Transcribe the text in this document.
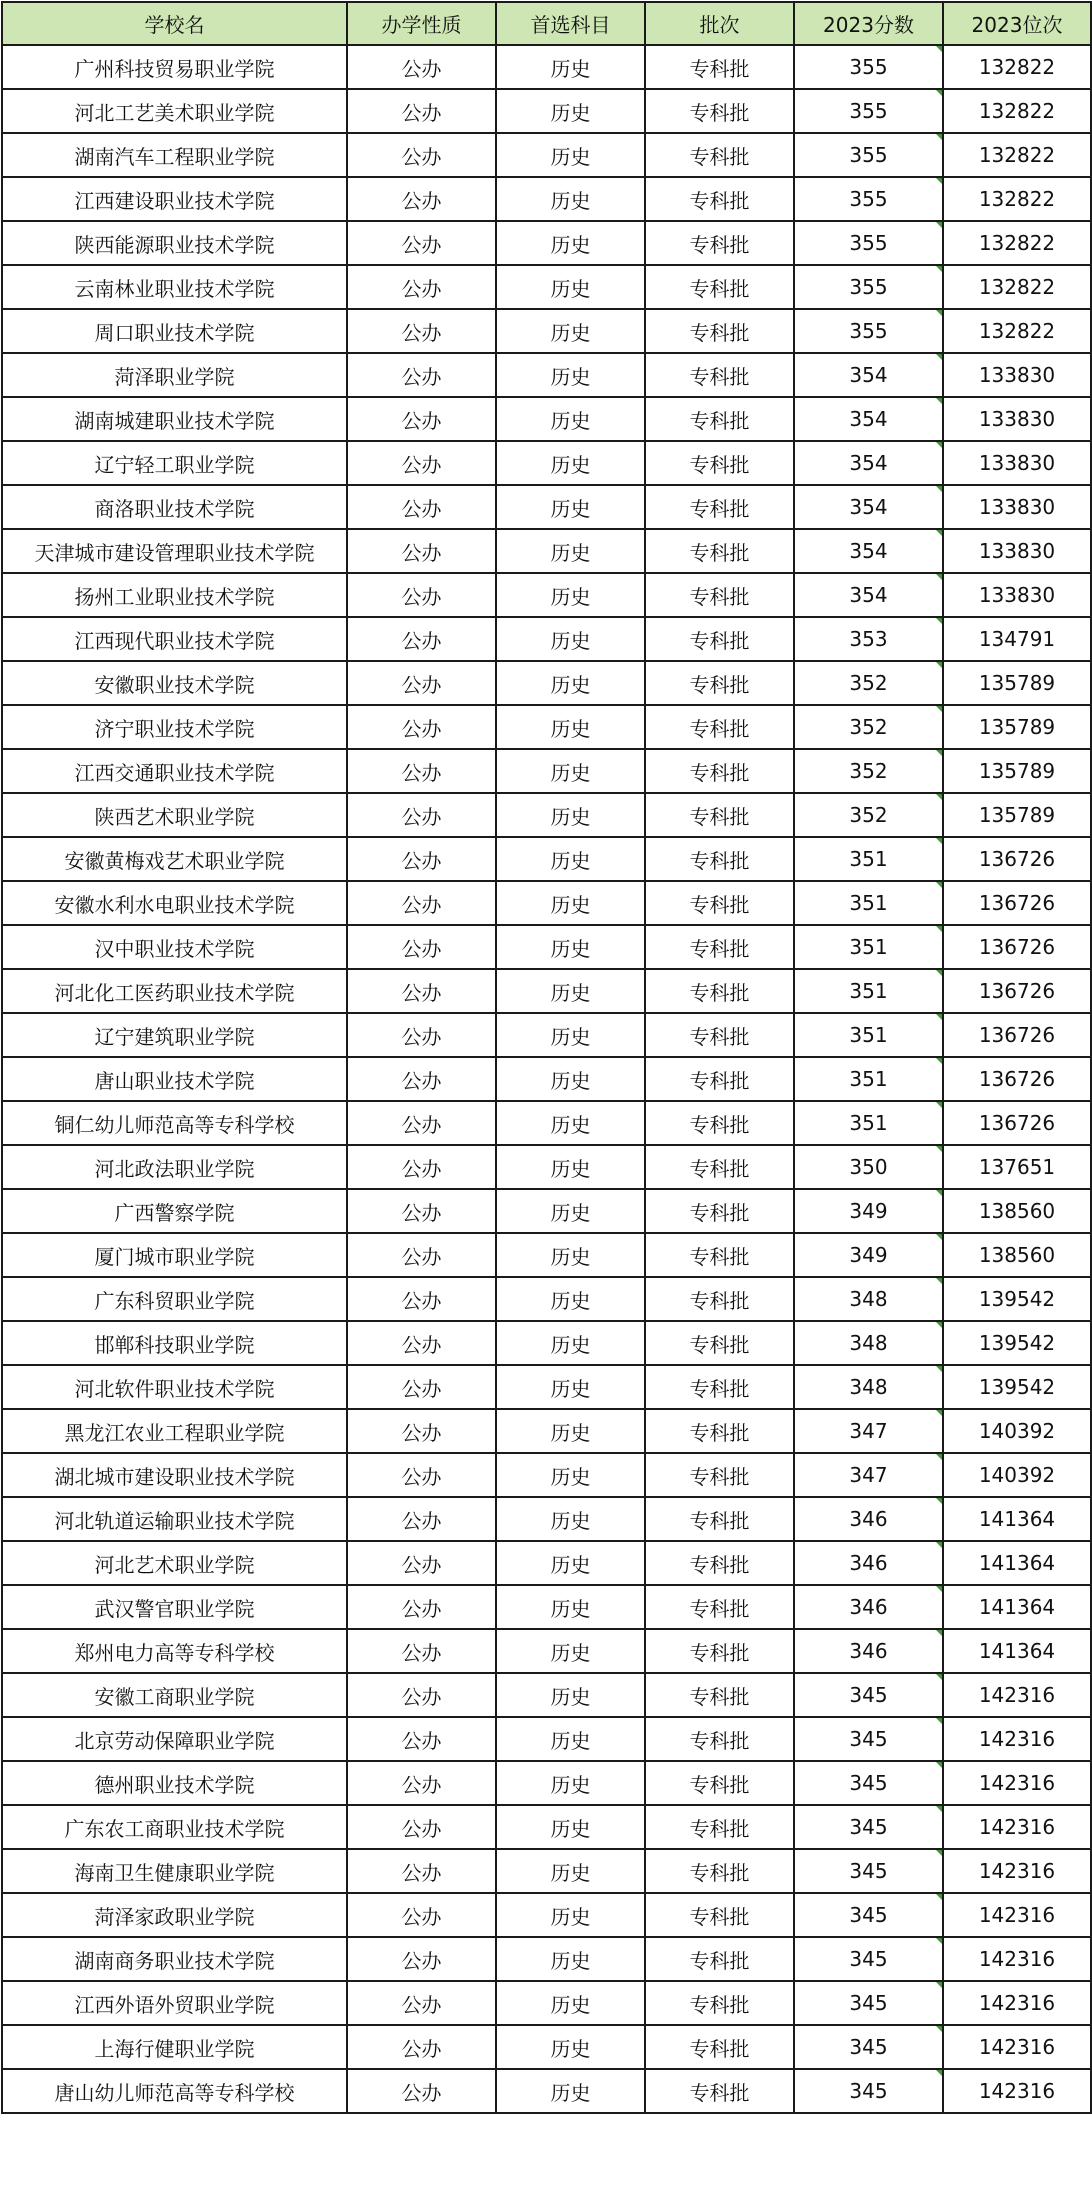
学校名	办学性质	首选科目	批次	2023分数	2023位次
广州科技贸易职业学院	公办	历史	专科批	355	132822
河北工艺美术职业学院	公办	历史	专科批	355	132822
湖南汽车工程职业学院	公办	历史	专科批	355	132822
江西建设职业技术学院	公办	历史	专科批	355	132822
陕西能源职业技术学院	公办	历史	专科批	355	132822
云南林业职业技术学院	公办	历史	专科批	355	132822
周口职业技术学院	公办	历史	专科批	355	132822
菏泽职业学院	公办	历史	专科批	354	133830
湖南城建职业技术学院	公办	历史	专科批	354	133830
辽宁轻工职业学院	公办	历史	专科批	354	133830
商洛职业技术学院	公办	历史	专科批	354	133830
天津城市建设管理职业技术学院	公办	历史	专科批	354	133830
扬州工业职业技术学院	公办	历史	专科批	354	133830
江西现代职业技术学院	公办	历史	专科批	353	134791
安徽职业技术学院	公办	历史	专科批	352	135789
济宁职业技术学院	公办	历史	专科批	352	135789
江西交通职业技术学院	公办	历史	专科批	352	135789
陕西艺术职业学院	公办	历史	专科批	352	135789
安徽黄梅戏艺术职业学院	公办	历史	专科批	351	136726
安徽水利水电职业技术学院	公办	历史	专科批	351	136726
汉中职业技术学院	公办	历史	专科批	351	136726
河北化工医药职业技术学院	公办	历史	专科批	351	136726
辽宁建筑职业学院	公办	历史	专科批	351	136726
唐山职业技术学院	公办	历史	专科批	351	136726
铜仁幼儿师范高等专科学校	公办	历史	专科批	351	136726
河北政法职业学院	公办	历史	专科批	350	137651
广西警察学院	公办	历史	专科批	349	138560
厦门城市职业学院	公办	历史	专科批	349	138560
广东科贸职业学院	公办	历史	专科批	348	139542
邯郸科技职业学院	公办	历史	专科批	348	139542
河北软件职业技术学院	公办	历史	专科批	348	139542
黑龙江农业工程职业学院	公办	历史	专科批	347	140392
湖北城市建设职业技术学院	公办	历史	专科批	347	140392
河北轨道运输职业技术学院	公办	历史	专科批	346	141364
河北艺术职业学院	公办	历史	专科批	346	141364
武汉警官职业学院	公办	历史	专科批	346	141364
郑州电力高等专科学校	公办	历史	专科批	346	141364
安徽工商职业学院	公办	历史	专科批	345	142316
北京劳动保障职业学院	公办	历史	专科批	345	142316
德州职业技术学院	公办	历史	专科批	345	142316
广东农工商职业技术学院	公办	历史	专科批	345	142316
海南卫生健康职业学院	公办	历史	专科批	345	142316
菏泽家政职业学院	公办	历史	专科批	345	142316
湖南商务职业技术学院	公办	历史	专科批	345	142316
江西外语外贸职业学院	公办	历史	专科批	345	142316
上海行健职业学院	公办	历史	专科批	345	142316
唐山幼儿师范高等专科学校	公办	历史	专科批	345	142316
